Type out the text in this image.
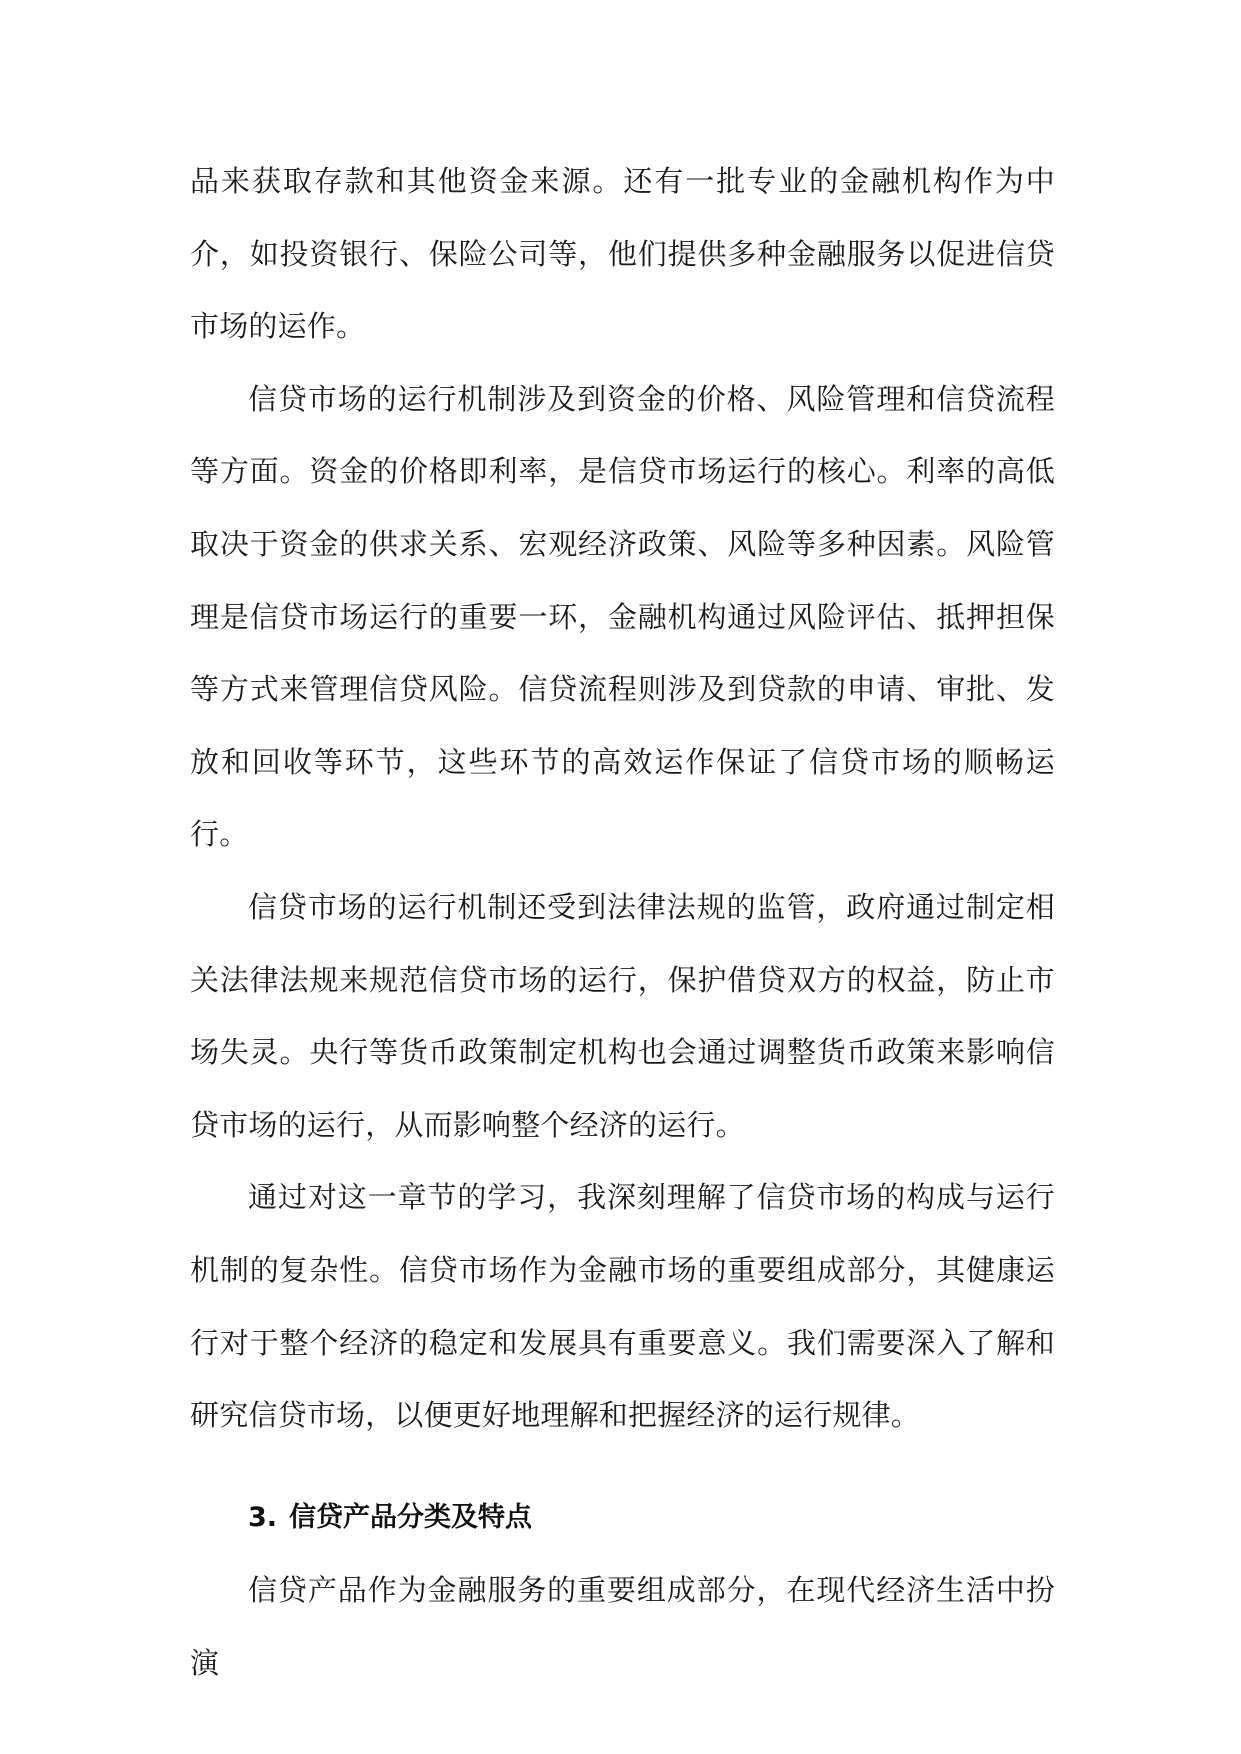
品来获取存款和其他资金来源。还有一批专业的金融机构作为中介，如投资银行、保险公司等，他们提供多种金融服务以促进信贷市场的运作。

信贷市场的运行机制涉及到资金的价格、风险管理和信贷流程等方面。资金的价格即利率，是信贷市场运行的核心。利率的高低取决于资金的供求关系、宏观经济政策、风险等多种因素。风险管理是信贷市场运行的重要一环，金融机构通过风险评估、抵押担保等方式来管理信贷风险。信贷流程则涉及到贷款的申请、审批、发放和回收等环节，这些环节的高效运作保证了信贷市场的顺畅运行。

信贷市场的运行机制还受到法律法规的监管，政府通过制定相关法律法规来规范信贷市场的运行，保护借贷双方的权益，防止市场失灵。央行等货币政策制定机构也会通过调整货币政策来影响信贷市场的运行，从而影响整个经济的运行。

通过对这一章节的学习，我深刻理解了信贷市场的构成与运行机制的复杂性。信贷市场作为金融市场的重要组成部分，其健康运行对于整个经济的稳定和发展具有重要意义。我们需要深入了解和研究信贷市场，以便更好地理解和把握经济的运行规律。

3. 信贷产品分类及特点

信贷产品作为金融服务的重要组成部分，在现代经济生活中扮演
